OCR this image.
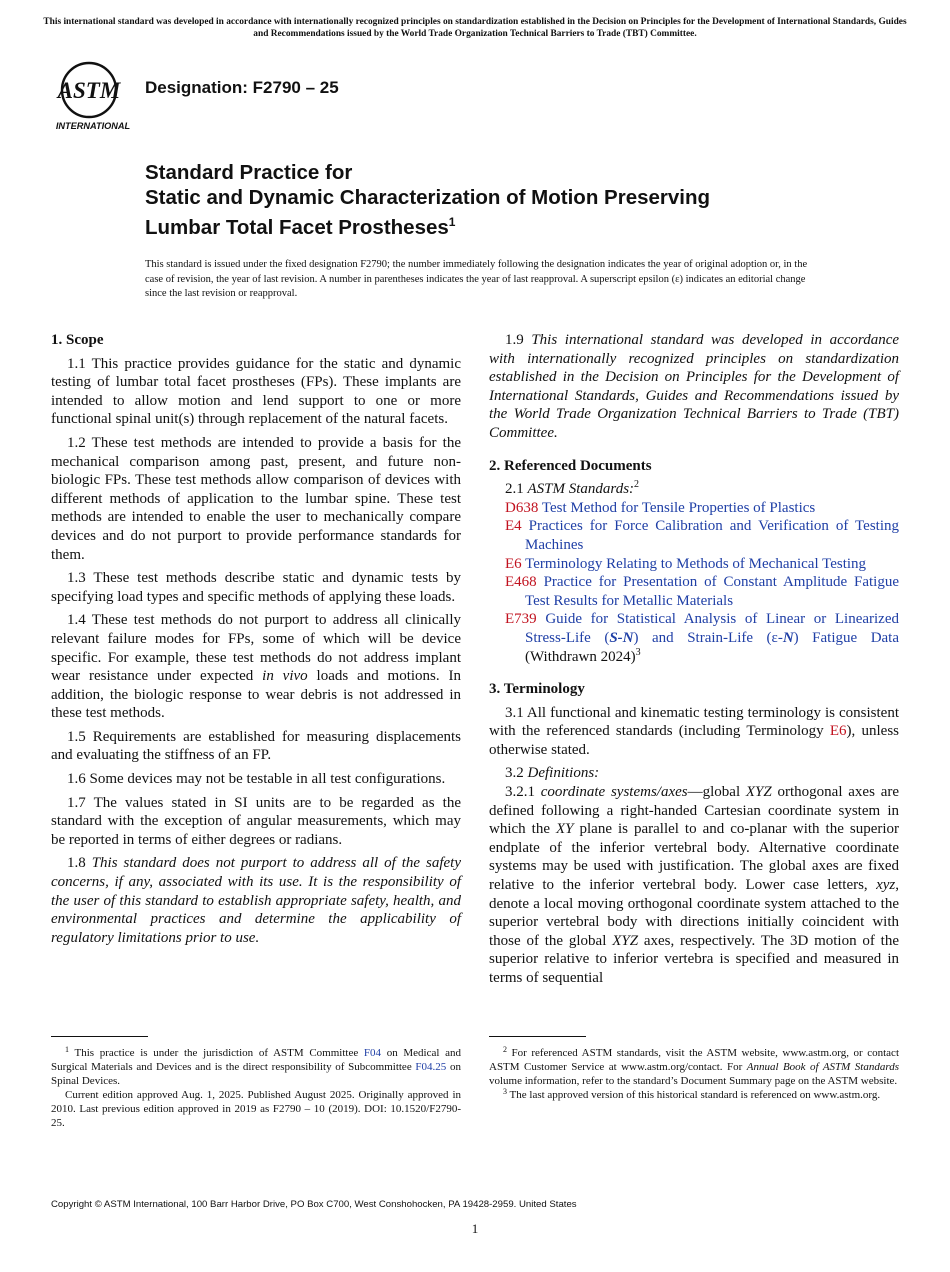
This international standard was developed in accordance with internationally recognized principles on standardization established in the Decision on Principles for the Development of International Standards, Guides and Recommendations issued by the World Trade Organization Technical Barriers to Trade (TBT) Committee.
ASTM
INTERNATIONAL
Designation: F2790 – 25
Standard Practice for
Static and Dynamic Characterization of Motion Preserving
Lumbar Total Facet Prostheses$^1$
This standard is issued under the fixed designation F2790; the number immediately following the designation indicates the year of original adoption or, in the case of revision, the year of last revision. A number in parentheses indicates the year of last reapproval. A superscript epsilon (ε) indicates an editorial change since the last revision or reapproval.
1. Scope

1.1 This practice provides guidance for the static and dynamic testing of lumbar total facet prostheses (FPs). These implants are intended to allow motion and lend support to one or more functional spinal unit(s) through replacement of the natural facets.

1.2 These test methods are intended to provide a basis for the mechanical comparison among past, present, and future non-biologic FPs. These test methods allow comparison of devices with different methods of application to the lumbar spine. These test methods are intended to enable the user to mechanically compare devices and do not purport to provide performance standards for them.

1.3 These test methods describe static and dynamic tests by specifying load types and specific methods of applying these loads.

1.4 These test methods do not purport to address all clinically relevant failure modes for FPs, some of which will be device specific. For example, these test methods do not address implant wear resistance under expected in vivo loads and motions. In addition, the biologic response to wear debris is not addressed in these test methods.

1.5 Requirements are established for measuring displacements and evaluating the stiffness of an FP.

1.6 Some devices may not be testable in all test configurations.

1.7 The values stated in SI units are to be regarded as the standard with the exception of angular measurements, which may be reported in terms of either degrees or radians.

1.8 This standard does not purport to address all of the safety concerns, if any, associated with its use. It is the responsibility of the user of this standard to establish appropriate safety, health, and environmental practices and determine the applicability of regulatory limitations prior to use.

1.9 This international standard was developed in accordance with internationally recognized principles on standardization established in the Decision on Principles for the Development of International Standards, Guides and Recommendations issued by the World Trade Organization Technical Barriers to Trade (TBT) Committee.

2. Referenced Documents

2.1 ASTM Standards:$^2$

D638 Test Method for Tensile Properties of Plastics

E4 Practices for Force Calibration and Verification of Testing Machines

E6 Terminology Relating to Methods of Mechanical Testing

E468 Practice for Presentation of Constant Amplitude Fatigue Test Results for Metallic Materials

E739 Guide for Statistical Analysis of Linear or Linearized Stress-Life (S-N) and Strain-Life (ε-N) Fatigue Data (Withdrawn 2024)$^3$

3. Terminology

3.1 All functional and kinematic testing terminology is consistent with the referenced standards (including Terminology E6), unless otherwise stated.

3.2 Definitions:

3.2.1 coordinate systems/axes—global XYZ orthogonal axes are defined following a right-handed Cartesian coordinate system in which the XY plane is parallel to and co-planar with the superior endplate of the inferior vertebral body. Alternative coordinate systems may be used with justification. The global axes are fixed relative to the inferior vertebral body. Lower case letters, xyz, denote a local moving orthogonal coordinate system attached to the superior vertebral body with directions initially coincident with those of the global XYZ axes, respectively. The 3D motion of the superior relative to inferior vertebra is specified and measured in terms of sequential

$^1$ This practice is under the jurisdiction of ASTM Committee F04 on Medical and Surgical Materials and Devices and is the direct responsibility of Subcommittee F04.25 on Spinal Devices.

Current edition approved Aug. 1, 2025. Published August 2025. Originally approved in 2010. Last previous edition approved in 2019 as F2790 – 10 (2019). DOI: 10.1520/F2790-25.

$^2$ For referenced ASTM standards, visit the ASTM website, www.astm.org, or contact ASTM Customer Service at www.astm.org/contact. For Annual Book of ASTM Standards volume information, refer to the standard’s Document Summary page on the ASTM website.

$^3$ The last approved version of this historical standard is referenced on www.astm.org.

Copyright © ASTM International, 100 Barr Harbor Drive, PO Box C700, West Conshohocken, PA 19428-2959. United States
1
